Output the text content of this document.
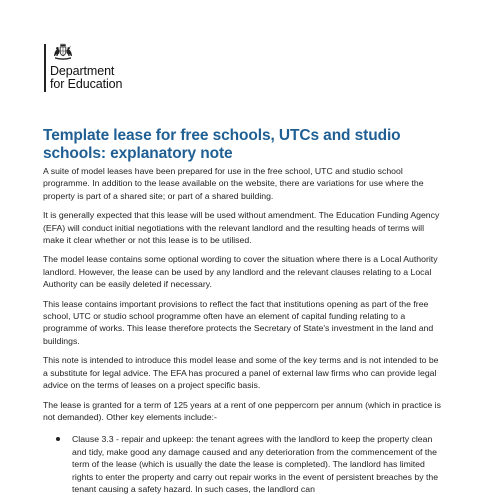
Department
for Education
Template lease for free schools, UTCs and studio schools: explanatory note

A suite of model leases have been prepared for use in the free school, UTC and studio school programme. In addition to the lease available on the website, there are variations for use where the property is part of a shared site; or part of a shared building.

It is generally expected that this lease will be used without amendment. The Education Funding Agency (EFA) will conduct initial negotiations with the relevant landlord and the resulting heads of terms will make it clear whether or not this lease is to be utilised.

The model lease contains some optional wording to cover the situation where there is a Local Authority landlord. However, the lease can be used by any landlord and the relevant clauses relating to a Local Authority can be easily deleted if necessary.

This lease contains important provisions to reflect the fact that institutions opening as part of the free school, UTC or studio school programme often have an element of capital funding relating to a programme of works. This lease therefore protects the Secretary of State's investment in the land and buildings.

This note is intended to introduce this model lease and some of the key terms and is not intended to be a substitute for legal advice. The EFA has procured a panel of external law firms who can provide legal advice on the terms of leases on a project specific basis.

The lease is granted for a term of 125 years at a rent of one peppercorn per annum (which in practice is not demanded). Other key elements include:-

Clause 3.3 - repair and upkeep: the tenant agrees with the landlord to keep the property clean and tidy, make good any damage caused and any deterioration from the commencement of the term of the lease (which is usually the date the lease is completed). The landlord has limited rights to enter the property and carry out repair works in the event of persistent breaches by the tenant causing a safety hazard. In such cases, the landlord can
